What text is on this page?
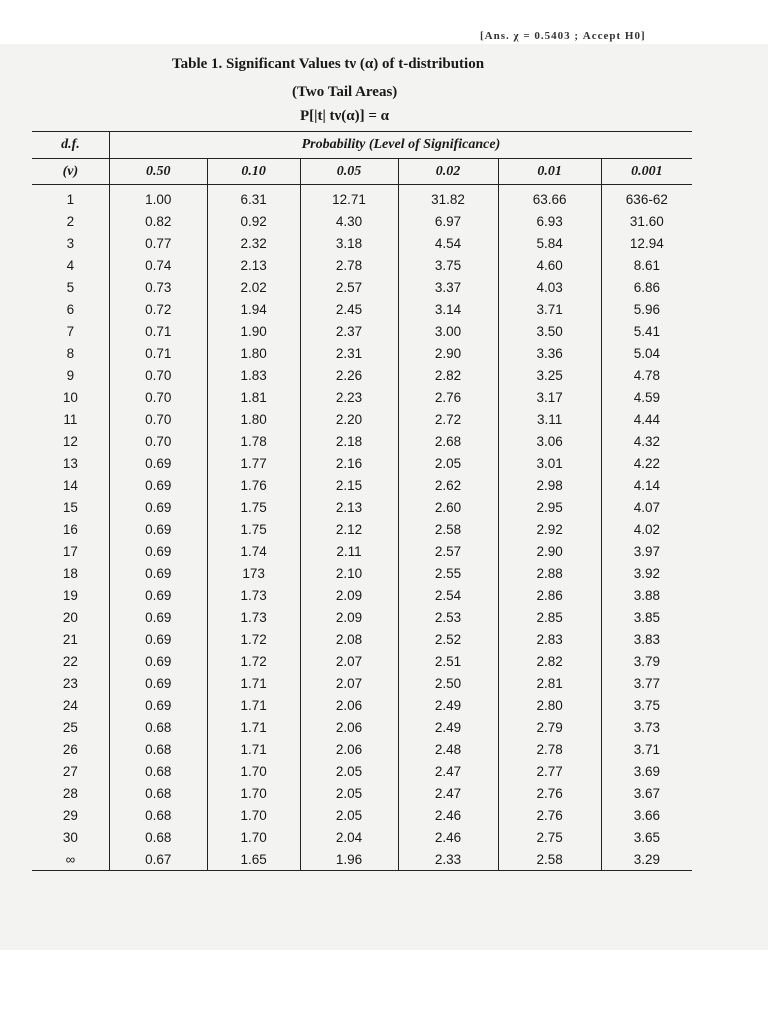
[Ans. χ = 0.5403 ; Accept H0]
Table 1. Significant Values tν (α) of t-distribution
(Two Tail Areas)
P[|t| tν(α)] = α
d.f.	Probability (Level of Significance)					
(ν)	0.50	0.10	0.05	0.02	0.01	0.001
1	1.00	6.31	12.71	31.82	63.66	636-62
2	0.82	0.92	4.30	6.97	6.93	31.60
3	0.77	2.32	3.18	4.54	5.84	12.94
4	0.74	2.13	2.78	3.75	4.60	8.61
5	0.73	2.02	2.57	3.37	4.03	6.86
6	0.72	1.94	2.45	3.14	3.71	5.96
7	0.71	1.90	2.37	3.00	3.50	5.41
8	0.71	1.80	2.31	2.90	3.36	5.04
9	0.70	1.83	2.26	2.82	3.25	4.78
10	0.70	1.81	2.23	2.76	3.17	4.59
11	0.70	1.80	2.20	2.72	3.11	4.44
12	0.70	1.78	2.18	2.68	3.06	4.32
13	0.69	1.77	2.16	2.05	3.01	4.22
14	0.69	1.76	2.15	2.62	2.98	4.14
15	0.69	1.75	2.13	2.60	2.95	4.07
16	0.69	1.75	2.12	2.58	2.92	4.02
17	0.69	1.74	2.11	2.57	2.90	3.97
18	0.69	173	2.10	2.55	2.88	3.92
19	0.69	1.73	2.09	2.54	2.86	3.88
20	0.69	1.73	2.09	2.53	2.85	3.85
21	0.69	1.72	2.08	2.52	2.83	3.83
22	0.69	1.72	2.07	2.51	2.82	3.79
23	0.69	1.71	2.07	2.50	2.81	3.77
24	0.69	1.71	2.06	2.49	2.80	3.75
25	0.68	1.71	2.06	2.49	2.79	3.73
26	0.68	1.71	2.06	2.48	2.78	3.71
27	0.68	1.70	2.05	2.47	2.77	3.69
28	0.68	1.70	2.05	2.47	2.76	3.67
29	0.68	1.70	2.05	2.46	2.76	3.66
30	0.68	1.70	2.04	2.46	2.75	3.65
∞	0.67	1.65	1.96	2.33	2.58	3.29
